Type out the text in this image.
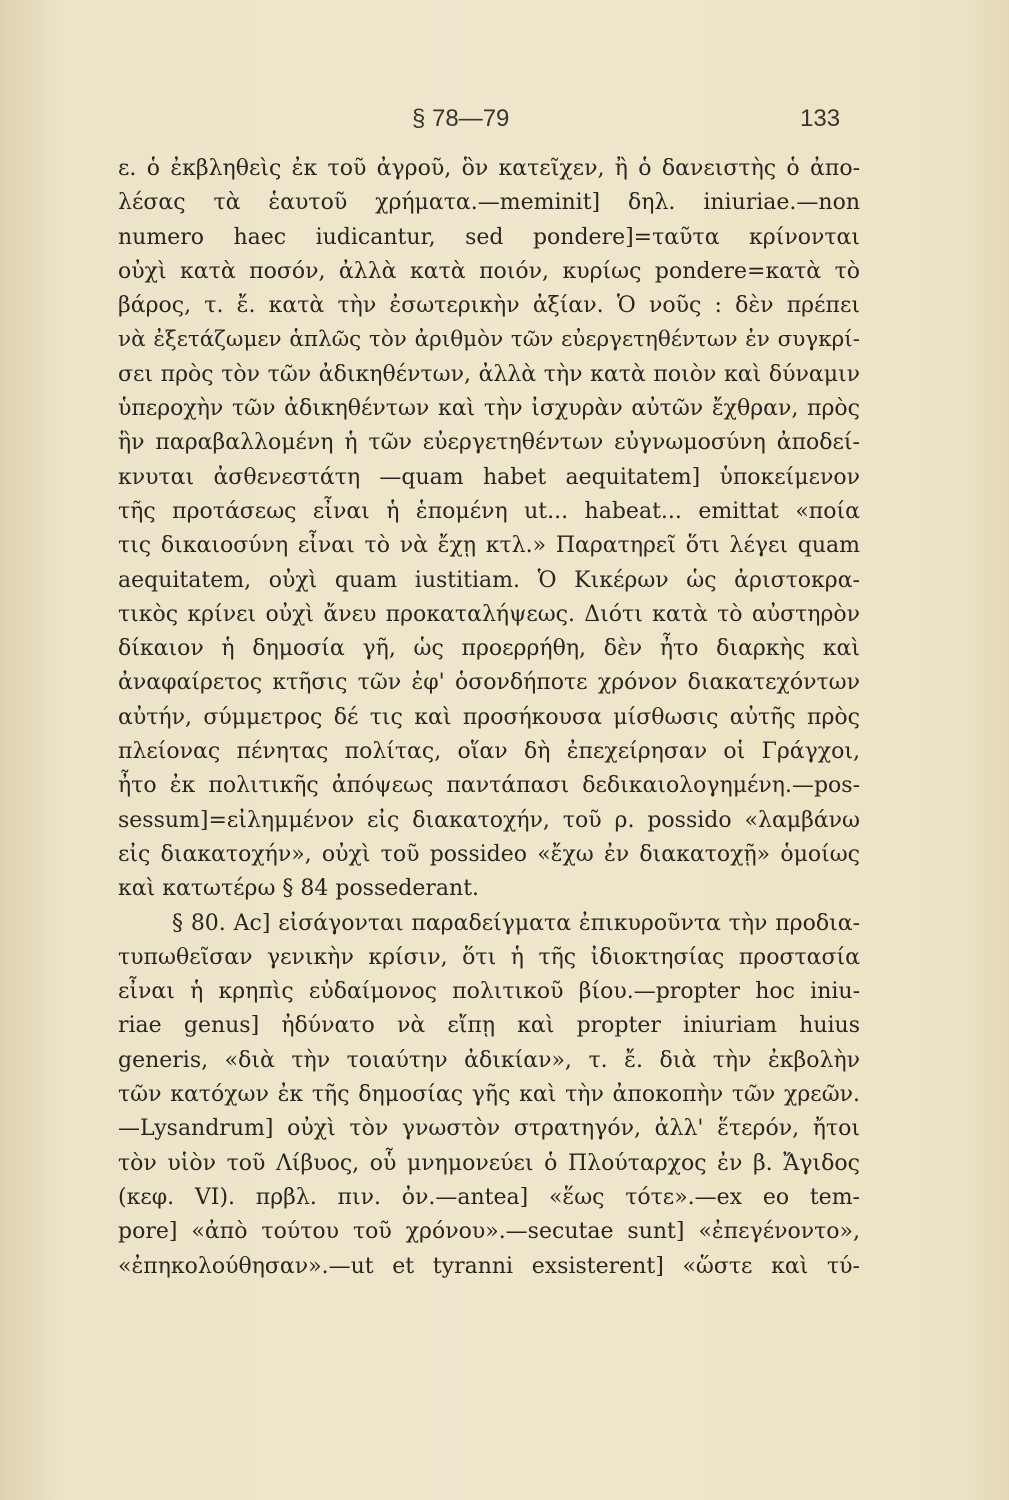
§ 78—79	133
ε. ὁ ἐκβληθεὶς ἐκ τοῦ ἀγροῦ, ὃν κατεῖχεν, ἢ ὁ δανειστὴς ὁ ἀπο-
λέσας τὰ ἑαυτοῦ χρήματα.—meminit] δηλ. iniuriae.—non
numero haec iudicantur, sed pondere]=ταῦτα κρίνονται
οὐχὶ κατὰ ποσόν, ἀλλὰ κατὰ ποιόν, κυρίως pondere=κατὰ τὸ
βάρος, τ. ἔ. κατὰ τὴν ἐσωτερικὴν ἀξίαν. Ὁ νοῦς : δὲν πρέπει
νὰ ἐξετάζωμεν ἁπλῶς τὸν ἀριθμὸν τῶν εὐεργετηθέντων ἐν συγκρί-
σει πρὸς τὸν τῶν ἀδικηθέντων, ἀλλὰ τὴν κατὰ ποιὸν καὶ δύναμιν
ὑπεροχὴν τῶν ἀδικηθέντων καὶ τὴν ἰσχυρὰν αὐτῶν ἔχθραν, πρὸς
ἣν παραβαλλομένη ἡ τῶν εὐεργετηθέντων εὐγνωμοσύνη ἀποδεί-
κνυται ἀσθενεστάτη —quam habet aequitatem] ὑποκείμενον
τῆς προτάσεως εἶναι ἡ ἑπομένη ut... habeat... emittat «ποία
τις δικαιοσύνη εἶναι τὸ νὰ ἔχῃ κτλ.» Παρατηρεῖ ὅτι λέγει quam
aequitatem, οὐχὶ quam iustitiam. Ὁ Κικέρων ὡς ἀριστοκρα-
τικὸς κρίνει οὐχὶ ἄνευ προκαταλήψεως. Διότι κατὰ τὸ αὐστηρὸν
δίκαιον ἡ δημοσία γῆ, ὡς προερρήθη, δὲν ἦτο διαρκὴς καὶ
ἀναφαίρετος κτῆσις τῶν ἐφ' ὁσονδήποτε χρόνον διακατεχόντων
αὐτήν, σύμμετρος δέ τις καὶ προσήκουσα μίσθωσις αὐτῆς πρὸς
πλείονας πένητας πολίτας, οἵαν δὴ ἐπεχείρησαν οἱ Γράγχοι,
ἦτο ἐκ πολιτικῆς ἀπόψεως παντάπασι δεδικαιολογημένη.—pos-
sessum]=εἰλημμένον εἰς διακατοχήν, τοῦ ρ. possido «λαμβάνω
εἰς διακατοχήν», οὐχὶ τοῦ possideo «ἔχω ἐν διακατοχῇ» ὁμοίως
καὶ κατωτέρω § 84 possederant.
§ 80. Ac] εἰσάγονται παραδείγματα ἐπικυροῦντα τὴν προδια-
τυπωθεῖσαν γενικὴν κρίσιν, ὅτι ἡ τῆς ἰδιοκτησίας προστασία
εἶναι ἡ κρηπὶς εὐδαίμονος πολιτικοῦ βίου.—propter hoc iniu-
riae genus] ἠδύνατο νὰ εἴπῃ καὶ propter iniuriam huius
generis, «διὰ τὴν τοιαύτην ἀδικίαν», τ. ἔ. διὰ τὴν ἐκβολὴν
τῶν κατόχων ἐκ τῆς δημοσίας γῆς καὶ τὴν ἀποκοπὴν τῶν χρεῶν.
—Lysandrum] οὐχὶ τὸν γνωστὸν στρατηγόν, ἀλλ' ἕτερόν, ἤτοι
τὸν υἱὸν τοῦ Λίβυος, οὗ μνημονεύει ὁ Πλούταρχος ἐν β. Ἄγιδος
(κεφ. VI). πρβλ. πιν. ὀν.—antea] «ἕως τότε».—ex eo tem-
pore] «ἀπὸ τούτου τοῦ χρόνου».—secutae sunt] «ἐπεγένοντο»,
«ἐπηκολούθησαν».—ut et tyranni exsisterent] «ὥστε καὶ τύ-
